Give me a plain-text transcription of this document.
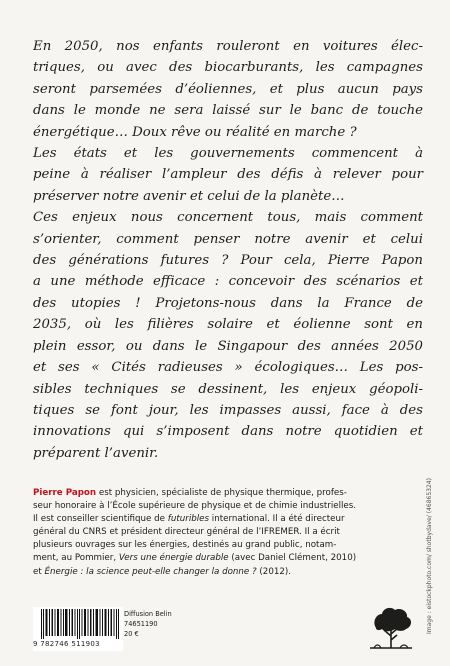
En 2050, nos enfants rouleront en voitures élec-
triques, ou avec des biocarburants, les campagnes
seront parsemées d’éoliennes, et plus aucun pays
dans le monde ne sera laissé sur le banc de touche
énergétique… Doux rêve ou réalité en marche ?
Les états et les gouvernements commencent à
peine à réaliser l’ampleur des défis à relever pour
préserver notre avenir et celui de la planète…
Ces enjeux nous concernent tous, mais comment
s’orienter, comment penser notre avenir et celui
des générations futures ? Pour cela, Pierre Papon
a une méthode efficace : concevoir des scénarios et
des utopies ! Projetons-nous dans la France de
2035, où les filières solaire et éolienne sont en
plein essor, ou dans le Singapour des années 2050
et ses « Cités radieuses » écologiques… Les pos-
sibles techniques se dessinent, les enjeux géopoli-
tiques se font jour, les impasses aussi, face à des
innovations qui s’imposent dans notre quotidien et
préparent l’avenir.
Pierre Papon est physicien, spécialiste de physique thermique, profes-
seur honoraire à l’École supérieure de physique et de chimie industrielles.
Il est conseiller scientifique de futuribles international. Il a été directeur
général du CNRS et président directeur général de l’IFREMER. Il a écrit
plusieurs ouvrages sur les énergies, destinés au grand public, notam-
ment, au Pommier, Vers une énergie durable (avec Daniel Clément, 2010)
et Énergie : la science peut-elle changer la donne ? (2012).	Image : eistockphoto.com/ shotbydave/ (46865324)
9 782746 511903
Diffusion Belin
74651190
20 €
